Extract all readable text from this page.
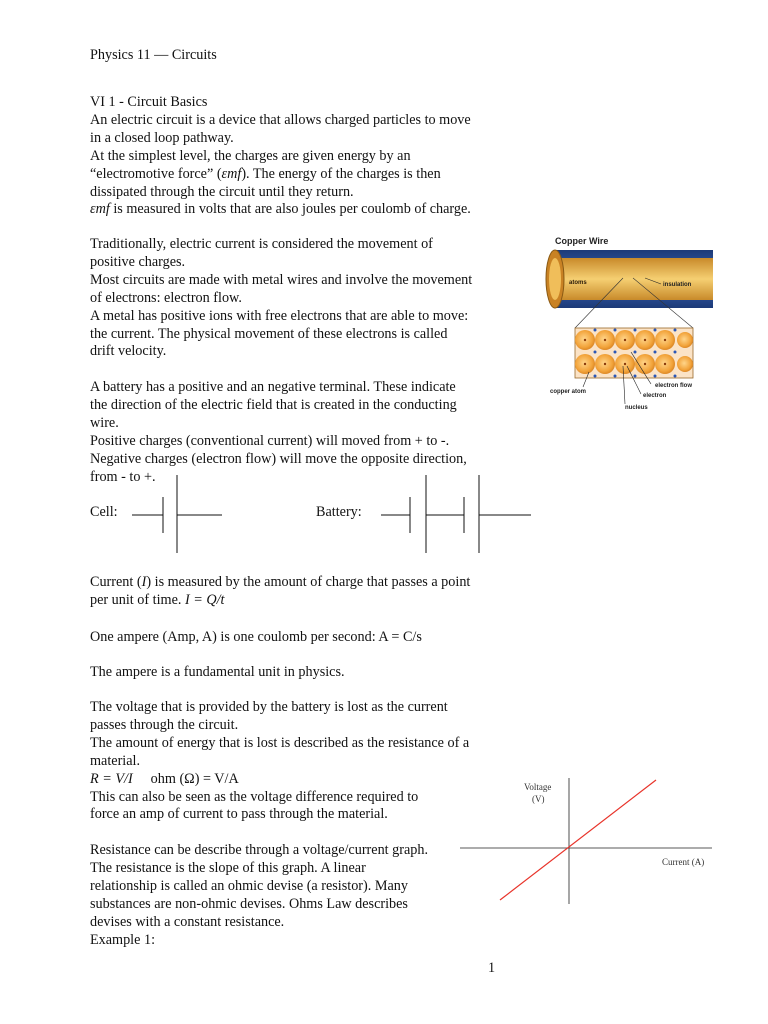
Physics 11 — Circuits
VI 1 - Circuit Basics
An electric circuit is a device that allows charged particles to move
in a closed loop pathway.
At the simplest level, the charges are given energy by an
“electromotive force” (εmf). The energy of the charges is then
dissipated through the circuit until they return.
εmf is measured in volts that are also joules per coulomb of charge.
Traditionally, electric current is considered the movement of
positive charges.
Most circuits are made with metal wires and involve the movement
of electrons: electron flow.
A metal has positive ions with free electrons that are able to move:
the current. The physical movement of these electrons is called
drift velocity.
A battery has a positive and an negative terminal. These indicate
the direction of the electric field that is created in the conducting
wire.
Positive charges (conventional current) will moved from + to -.
Negative charges (electron flow) will move the opposite direction,
from - to +.
Cell:	Battery:
Current (I) is measured by the amount of charge that passes a point
per unit of time. I = Q/t
One ampere (Amp, A) is one coulomb per second: A = C/s
The ampere is a fundamental unit in physics.
The voltage that is provided by the battery is lost as the current
passes through the circuit.
The amount of energy that is lost is described as the resistance of a
material.
R = V/I ohm (Ω) = V/A
This can also be seen as the voltage difference required to
force an amp of current to pass through the material.
Resistance can be describe through a voltage/current graph.
The resistance is the slope of this graph. A linear
relationship is called an ohmic devise (a resistor). Many
substances are non-ohmic devises. Ohms Law describes
devises with a constant resistance.
Example 1:
Copper Wire
atoms	insulation
copper atom
electron flow
electron
nucleus
Voltage
(V)
Current (A)
1
